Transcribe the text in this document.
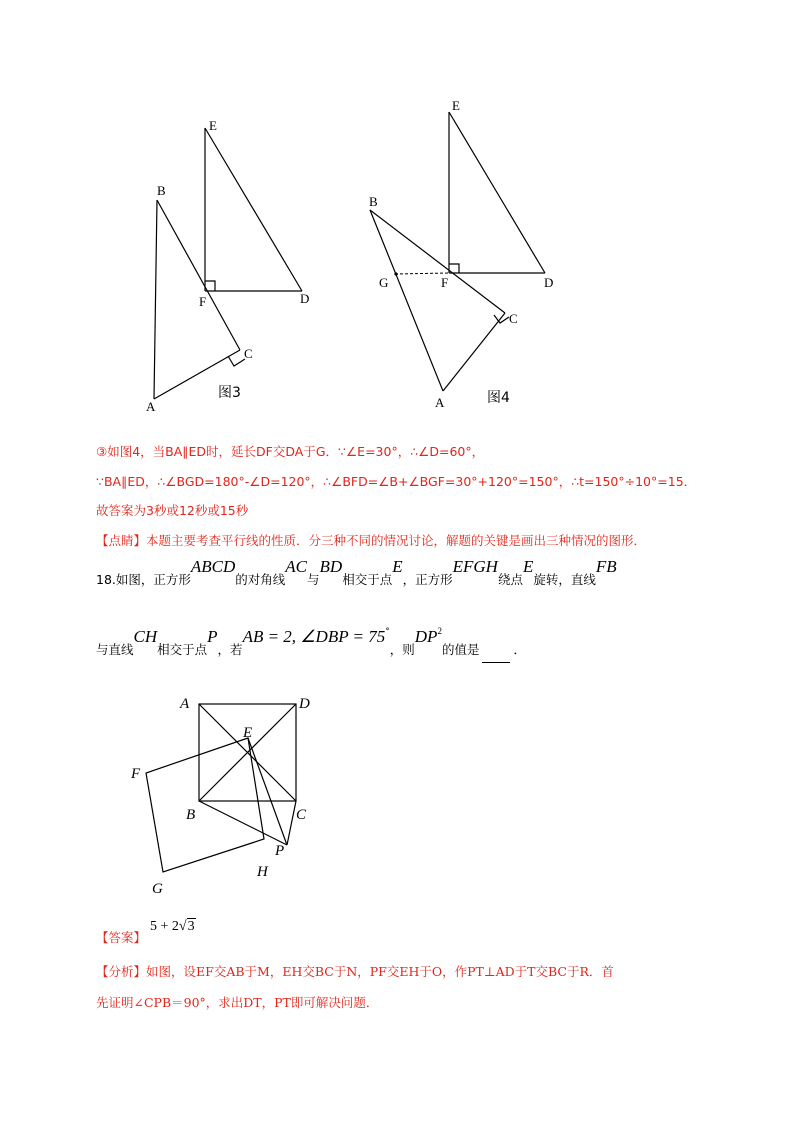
E
B
F	D
C
A
图3
E
B
G	F	D
C
A	图4
③如图4，当BA∥ED时，延长DF交DA于G．∵∠E=30°，∴∠D=60°，
∵BA∥ED，∴∠BGD=180°-∠D=120°，∴∠BFD=∠B+∠BGF=30°+120°=150°，∴t=150°÷10°=15．
故答案为3秒或12秒或15秒
【点睛】本题主要考查平行线的性质．分三种不同的情况讨论，解题的关键是画出三种情况的图形．
18.如图，正方形ABCD的对角线AC与BD相交于点E，正方形EFGH绕点E旋转，直线FB
与直线CH相交于点P，若AB = 2, ∠DBP = 75°，则$DP^2$的值是	．
A	D
E
F
B	C
P
H
G
【答案】 5 + 2√3
【分析】如图，设EF交AB于M，EH交BC于N，PF交EH于O，作PT⊥AD于T交BC于R．首
先证明∠CPB＝90°，求出DT，PT即可解决问题．
